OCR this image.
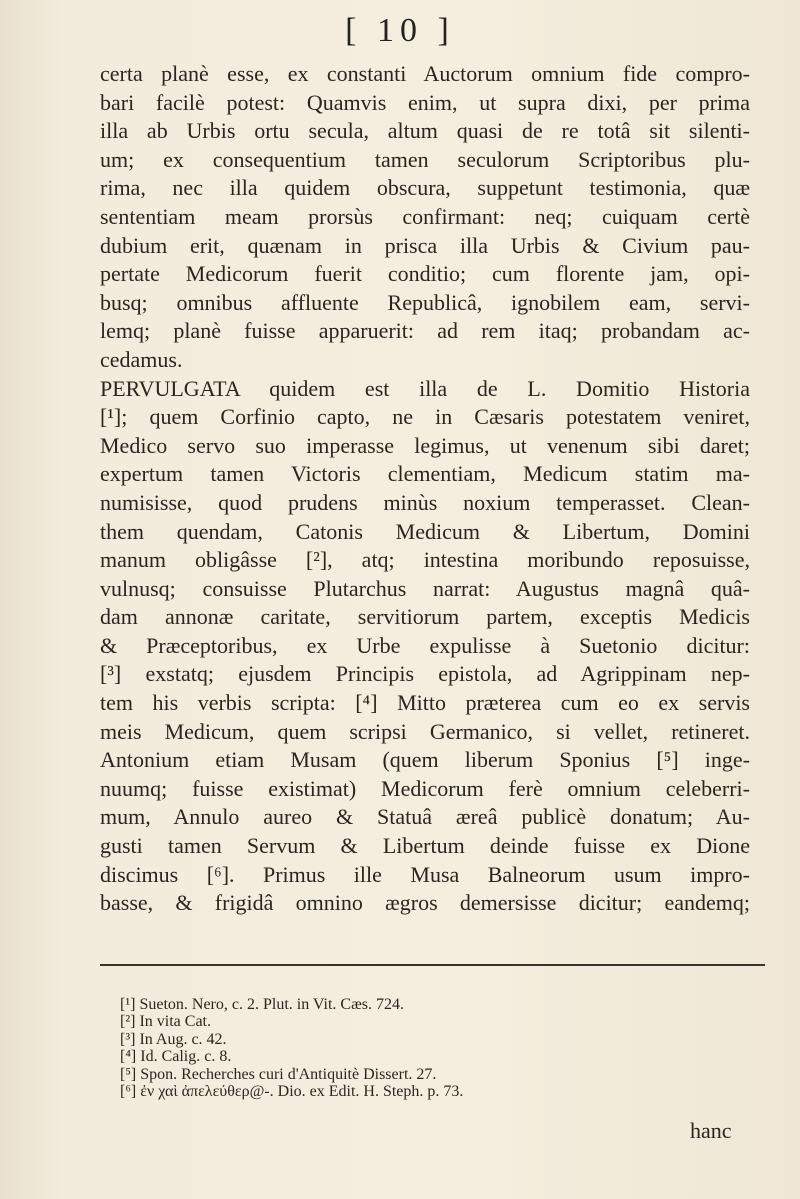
[ 10 ]
certa planè esse, ex constanti Auctorum omnium fide compro-
bari facilè potest: Quamvis enim, ut supra dixi, per prima
illa ab Urbis ortu secula, altum quasi de re totâ sit silenti-
um; ex consequentium tamen seculorum Scriptoribus plu-
rima, nec illa quidem obscura, suppetunt testimonia, quæ
sententiam meam prorsùs confirmant: neq; cuiquam certè
dubium erit, quænam in prisca illa Urbis & Civium pau-
pertate Medicorum fuerit conditio; cum florente jam, opi-
busq; omnibus affluente Republicâ, ignobilem eam, servi-
lemq; planè fuisse apparuerit: ad rem itaq; probandam ac-
cedamus.
PERVULGATA quidem est illa de L. Domitio Historia
[¹]; quem Corfinio capto, ne in Cæsaris potestatem veniret,
Medico servo suo imperasse legimus, ut venenum sibi daret;
expertum tamen Victoris clementiam, Medicum statim ma-
numisisse, quod prudens minùs noxium temperasset. Clean-
them quendam, Catonis Medicum & Libertum, Domini
manum obligâsse [²], atq; intestina moribundo reposuisse,
vulnusq; consuisse Plutarchus narrat: Augustus magnâ quâ-
dam annonæ caritate, servitiorum partem, exceptis Medicis
& Præceptoribus, ex Urbe expulisse à Suetonio dicitur:
[³] exstatq; ejusdem Principis epistola, ad Agrippinam nep-
tem his verbis scripta: [⁴] Mitto præterea cum eo ex servis
meis Medicum, quem scripsi Germanico, si vellet, retineret.
Antonium etiam Musam (quem liberum Sponius [⁵] inge-
nuumq; fuisse existimat) Medicorum ferè omnium celeberri-
mum, Annulo aureo & Statuâ æreâ publicè donatum; Au-
gusti tamen Servum & Libertum deinde fuisse ex Dione
discimus [⁶]. Primus ille Musa Balneorum usum impro-
basse, & frigidâ omnino ægros demersisse dicitur; eandemq;
[¹] Sueton. Nero, c. 2. Plut. in Vit. Cæs. 724.
[²] In vita Cat.
[³] In Aug. c. 42.
[⁴] Id. Calig. c. 8.
[⁵] Spon. Recherches curi d'Antiquitè Dissert. 27.
[⁶] ἐν χαὶ ἀπελεύθερ@-. Dio. ex Edit. H. Steph. p. 73.
hanc
